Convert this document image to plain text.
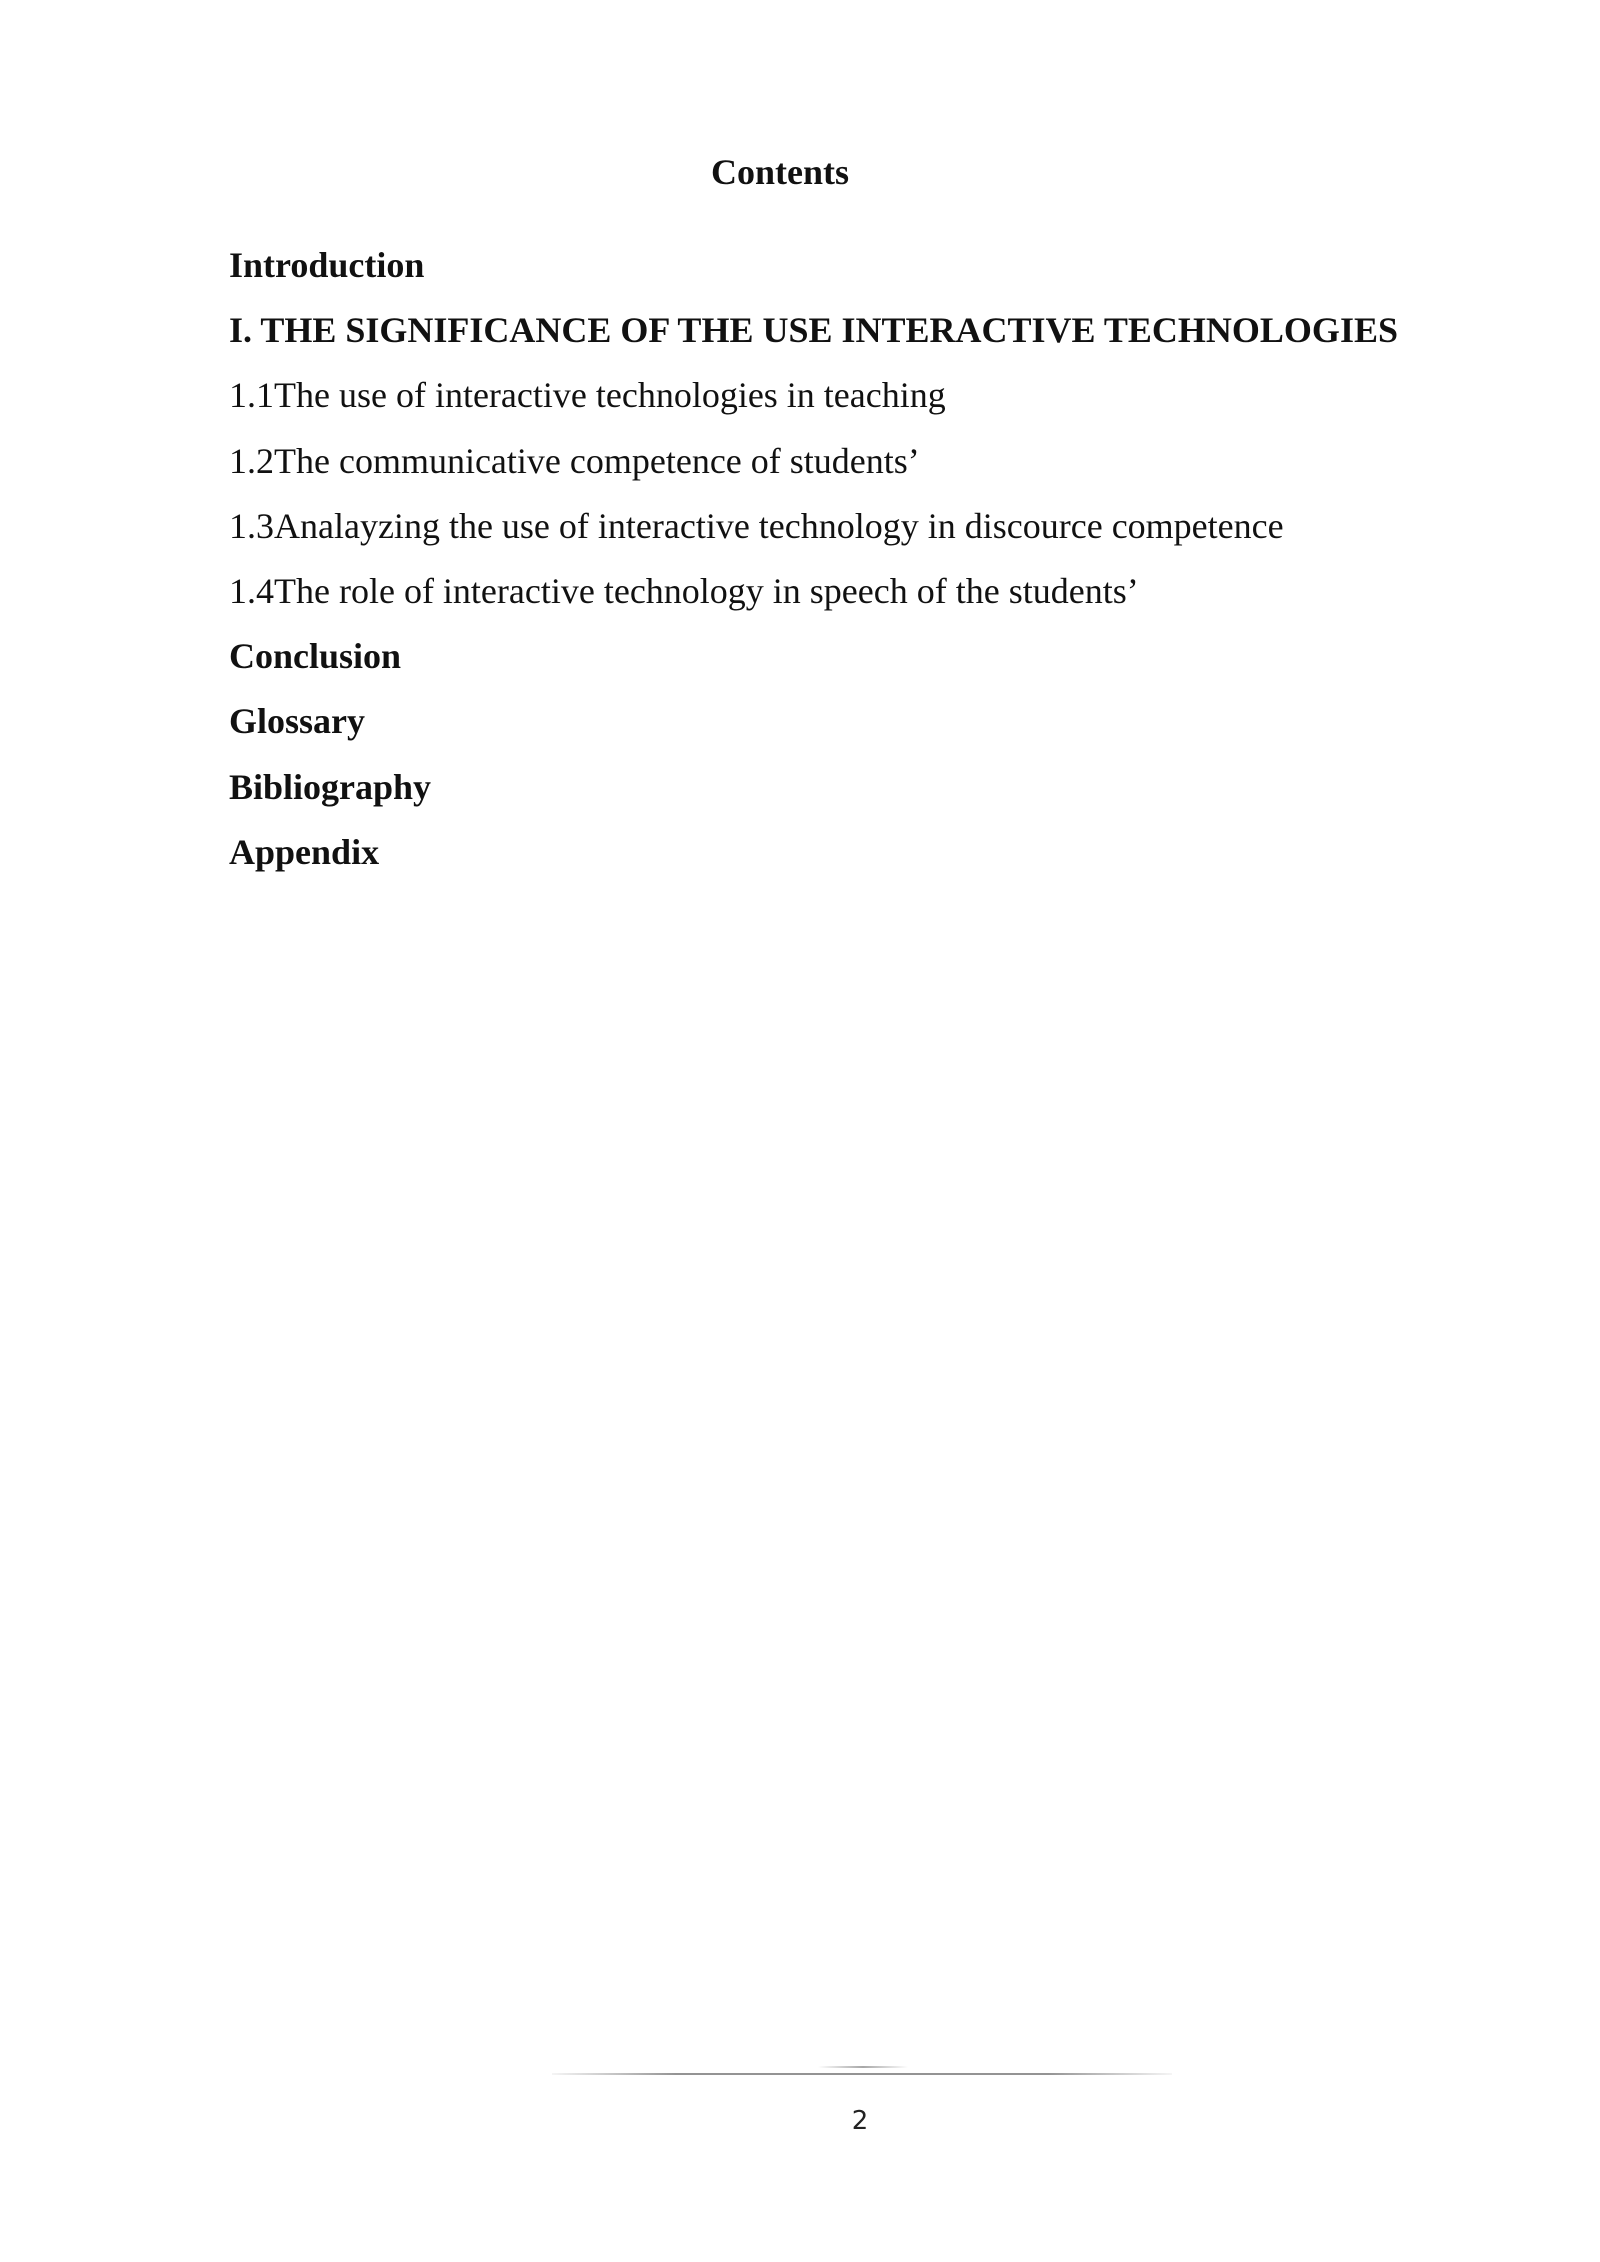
Contents
Introduction
I. THE SIGNIFICANCE OF THE USE INTERACTIVE TECHNOLOGIES
1.1The use of interactive technologies in teaching
1.2The communicative competence of students’
1.3Analayzing the use of interactive technology in discource competence
1.4The role of interactive technology in speech of the students’
Conclusion
Glossary
Bibliography
Appendix
2
